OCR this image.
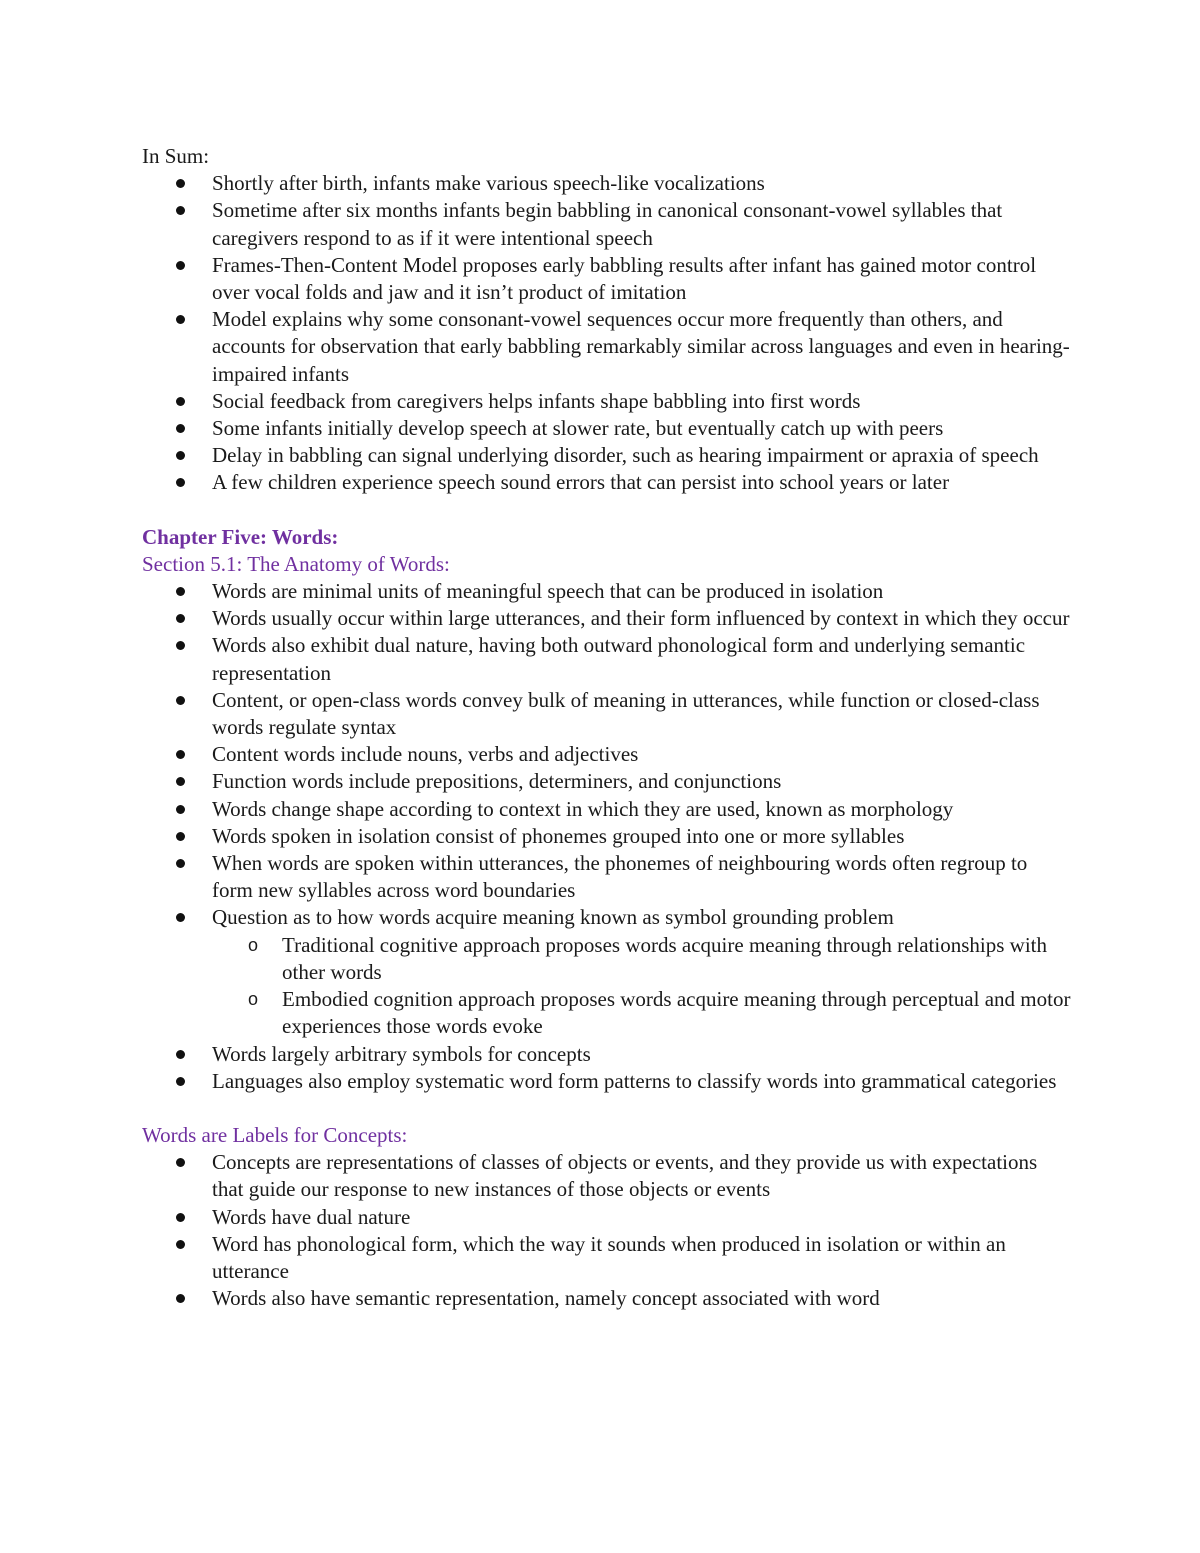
In Sum:
Shortly after birth, infants make various speech-like vocalizations
Sometime after six months infants begin babbling in canonical consonant-vowel syllables that caregivers respond to as if it were intentional speech
Frames-Then-Content Model proposes early babbling results after infant has gained motor control over vocal folds and jaw and it isn’t product of imitation
Model explains why some consonant-vowel sequences occur more frequently than others, and accounts for observation that early babbling remarkably similar across languages and even in hearing-impaired infants
Social feedback from caregivers helps infants shape babbling into first words
Some infants initially develop speech at slower rate, but eventually catch up with peers
Delay in babbling can signal underlying disorder, such as hearing impairment or apraxia of speech
A few children experience speech sound errors that can persist into school years or later
Chapter Five: Words:
Section 5.1: The Anatomy of Words:
Words are minimal units of meaningful speech that can be produced in isolation
Words usually occur within large utterances, and their form influenced by context in which they occur
Words also exhibit dual nature, having both outward phonological form and underlying semantic representation
Content, or open-class words convey bulk of meaning in utterances, while function or closed-class words regulate syntax
Content words include nouns, verbs and adjectives
Function words include prepositions, determiners, and conjunctions
Words change shape according to context in which they are used, known as morphology
Words spoken in isolation consist of phonemes grouped into one or more syllables
When words are spoken within utterances, the phonemes of neighbouring words often regroup to form new syllables across word boundaries
Question as to how words acquire meaning known as symbol grounding problem
o Traditional cognitive approach proposes words acquire meaning through relationships with other words
o Embodied cognition approach proposes words acquire meaning through perceptual and motor experiences those words evoke
Words largely arbitrary symbols for concepts
Languages also employ systematic word form patterns to classify words into grammatical categories
Words are Labels for Concepts:
Concepts are representations of classes of objects or events, and they provide us with expectations that guide our response to new instances of those objects or events
Words have dual nature
Word has phonological form, which the way it sounds when produced in isolation or within an utterance
Words also have semantic representation, namely concept associated with word
